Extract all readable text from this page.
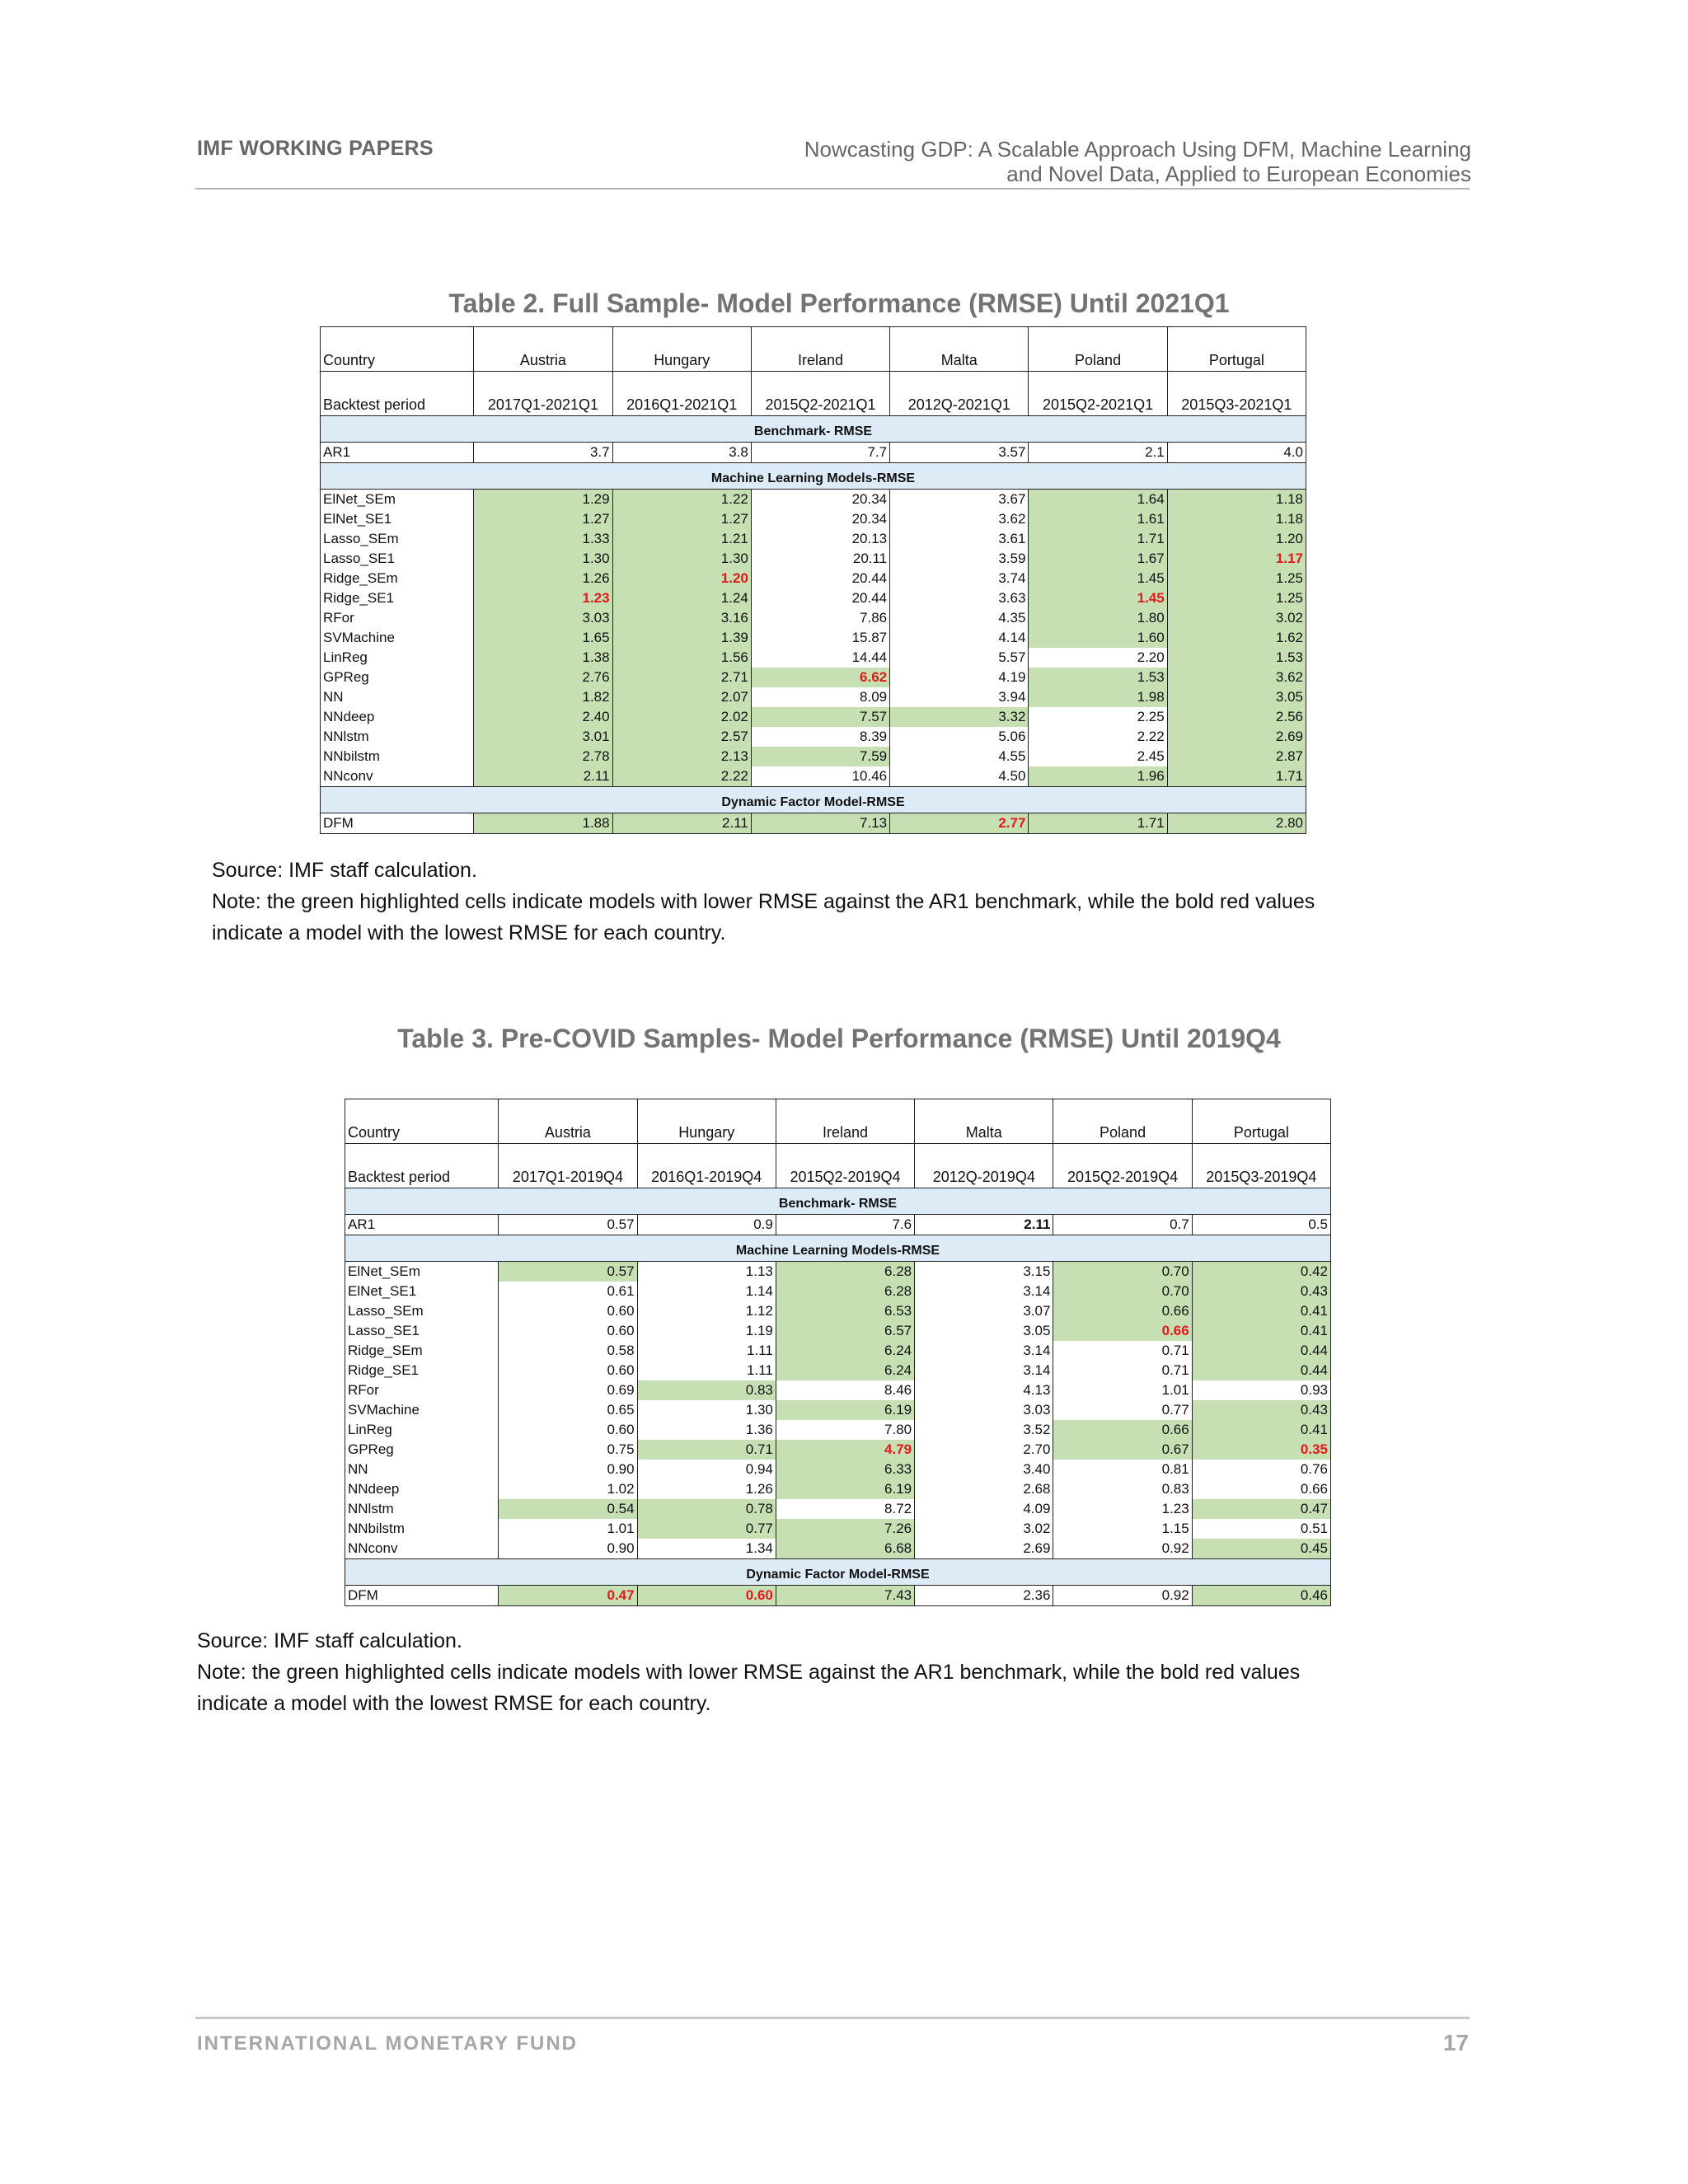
IMF WORKING PAPERS	Nowcasting GDP: A Scalable Approach Using DFM, Machine Learning
and Novel Data, Applied to European Economies
Table 2. Full Sample- Model Performance (RMSE) Until 2021Q1
Country	Austria	Hungary	Ireland	Malta	Poland	Portugal
Backtest period	2017Q1-2021Q1	2016Q1-2021Q1	2015Q2-2021Q1	2012Q-2021Q1	2015Q2-2021Q1	2015Q3-2021Q1
Benchmark- RMSE						
AR1	3.7	3.8	7.7	3.57	2.1	4.0
Machine Learning Models-RMSE						
ElNet_SEm	1.29	1.22	20.34	3.67	1.64	1.18
ElNet_SE1	1.27	1.27	20.34	3.62	1.61	1.18
Lasso_SEm	1.33	1.21	20.13	3.61	1.71	1.20
Lasso_SE1	1.30	1.30	20.11	3.59	1.67	1.17
Ridge_SEm	1.26	1.20	20.44	3.74	1.45	1.25
Ridge_SE1	1.23	1.24	20.44	3.63	1.45	1.25
RFor	3.03	3.16	7.86	4.35	1.80	3.02
SVMachine	1.65	1.39	15.87	4.14	1.60	1.62
LinReg	1.38	1.56	14.44	5.57	2.20	1.53
GPReg	2.76	2.71	6.62	4.19	1.53	3.62
NN	1.82	2.07	8.09	3.94	1.98	3.05
NNdeep	2.40	2.02	7.57	3.32	2.25	2.56
NNlstm	3.01	2.57	8.39	5.06	2.22	2.69
NNbilstm	2.78	2.13	7.59	4.55	2.45	2.87
NNconv	2.11	2.22	10.46	4.50	1.96	1.71
Dynamic Factor Model-RMSE						
DFM	1.88	2.11	7.13	2.77	1.71	2.80
Source: IMF staff calculation.
Note: the green highlighted cells indicate models with lower RMSE against the AR1 benchmark, while the bold red values
indicate a model with the lowest RMSE for each country.
Table 3. Pre-COVID Samples- Model Performance (RMSE) Until 2019Q4
Country	Austria	Hungary	Ireland	Malta	Poland	Portugal
Backtest period	2017Q1-2019Q4	2016Q1-2019Q4	2015Q2-2019Q4	2012Q-2019Q4	2015Q2-2019Q4	2015Q3-2019Q4
Benchmark- RMSE						
AR1	0.57	0.9	7.6	2.11	0.7	0.5
Machine Learning Models-RMSE						
ElNet_SEm	0.57	1.13	6.28	3.15	0.70	0.42
ElNet_SE1	0.61	1.14	6.28	3.14	0.70	0.43
Lasso_SEm	0.60	1.12	6.53	3.07	0.66	0.41
Lasso_SE1	0.60	1.19	6.57	3.05	0.66	0.41
Ridge_SEm	0.58	1.11	6.24	3.14	0.71	0.44
Ridge_SE1	0.60	1.11	6.24	3.14	0.71	0.44
RFor	0.69	0.83	8.46	4.13	1.01	0.93
SVMachine	0.65	1.30	6.19	3.03	0.77	0.43
LinReg	0.60	1.36	7.80	3.52	0.66	0.41
GPReg	0.75	0.71	4.79	2.70	0.67	0.35
NN	0.90	0.94	6.33	3.40	0.81	0.76
NNdeep	1.02	1.26	6.19	2.68	0.83	0.66
NNlstm	0.54	0.78	8.72	4.09	1.23	0.47
NNbilstm	1.01	0.77	7.26	3.02	1.15	0.51
NNconv	0.90	1.34	6.68	2.69	0.92	0.45
Dynamic Factor Model-RMSE						
DFM	0.47	0.60	7.43	2.36	0.92	0.46
Source: IMF staff calculation.
Note: the green highlighted cells indicate models with lower RMSE against the AR1 benchmark, while the bold red values
indicate a model with the lowest RMSE for each country.
INTERNATIONAL MONETARY FUND	17
